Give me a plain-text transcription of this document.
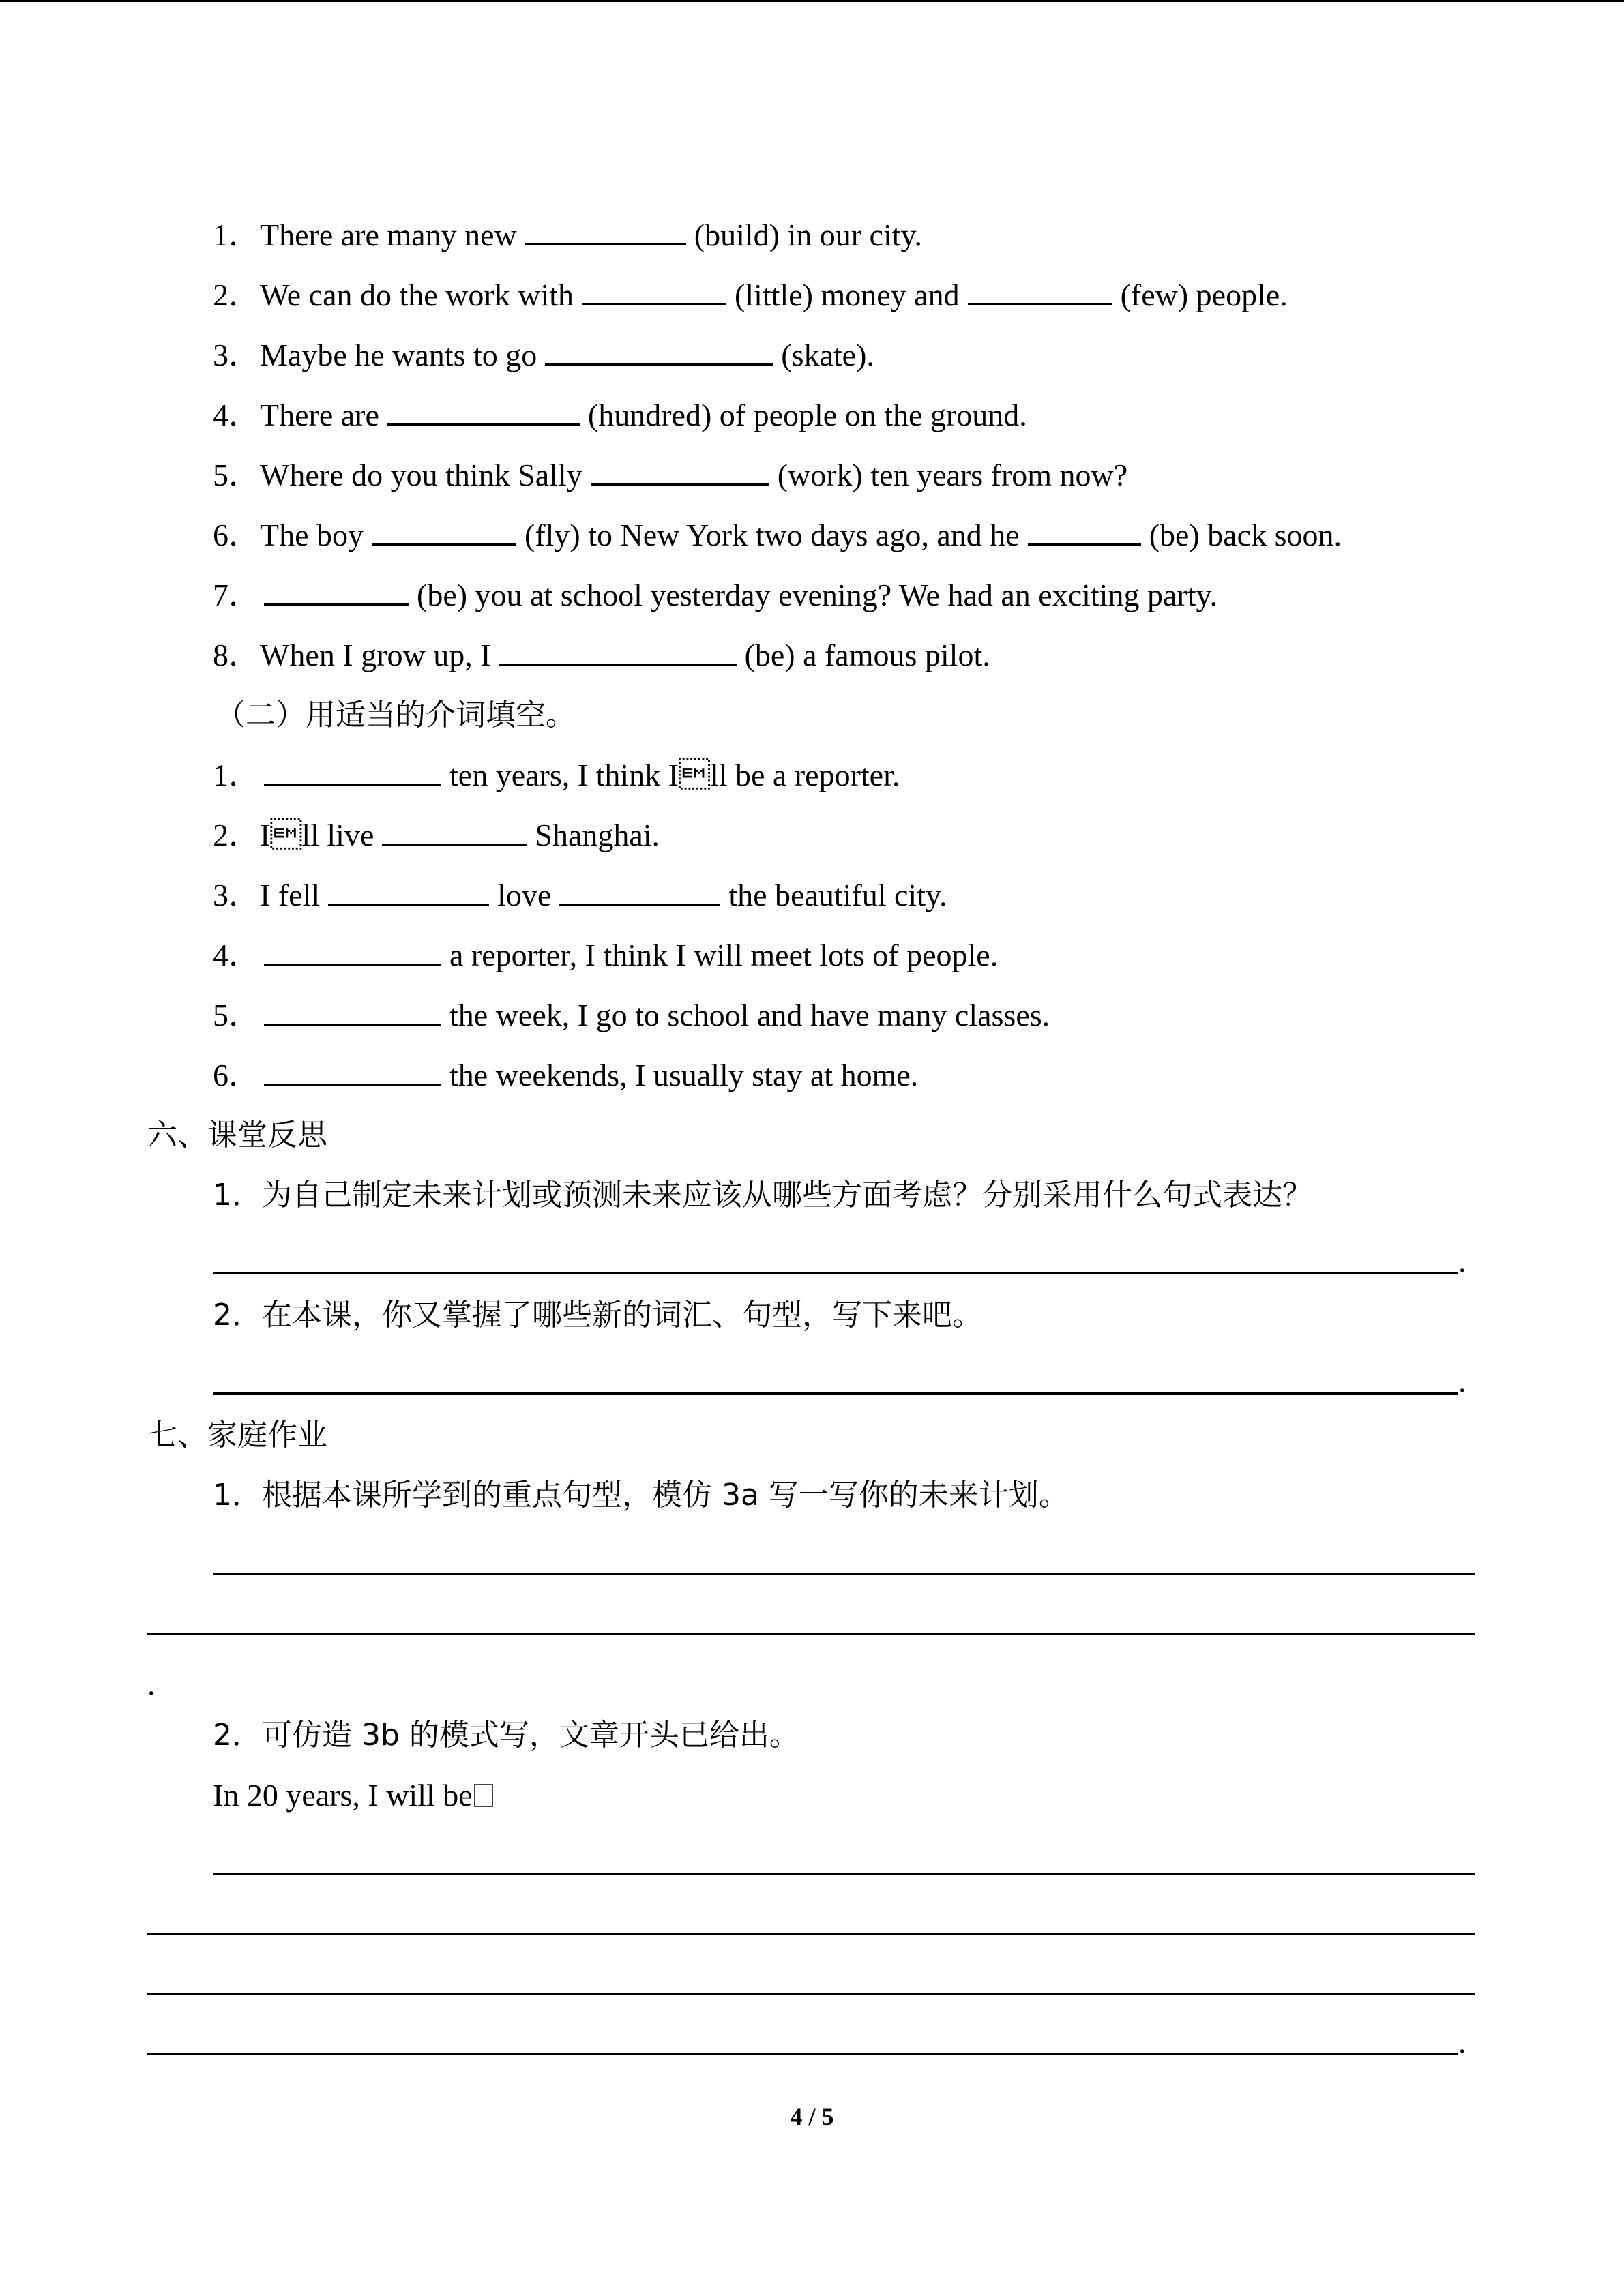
1．There are many new	(build) in our city.
2．We can do the work with	(little) money and	(few) people.
3．Maybe he wants to go	(skate).
4．There are	(hundred) of people on the ground.
5．Where do you think Sally	(work) ten years from now?
6．The boy	(fly) to New York two days ago, and he	(be) back soon.
7．	(be) you at school yesterday evening? We had an exciting party.
8．When I grow up, I	(be) a famous pilot.
（二）用适当的介词填空。
1．	ten years, I think Ill be a reporter.
2．Ill live	Shanghai.
3．I fell	love	the beautiful city.
4．	a reporter, I think I will meet lots of people.
5．	the week, I go to school and have many classes.
6．	the weekends, I usually stay at home.
六、课堂反思
1．为自己制定未来计划或预测未来应该从哪些方面考虑？分别采用什么句式表达？
.
2．在本课，你又掌握了哪些新的词汇、句型，写下来吧。
.
七、家庭作业
1．根据本课所学到的重点句型，模仿 3a 写一写你的未来计划。
.
2．可仿造 3b 的模式写，文章开头已给出。
In 20 years, I will be
.
4 / 5
